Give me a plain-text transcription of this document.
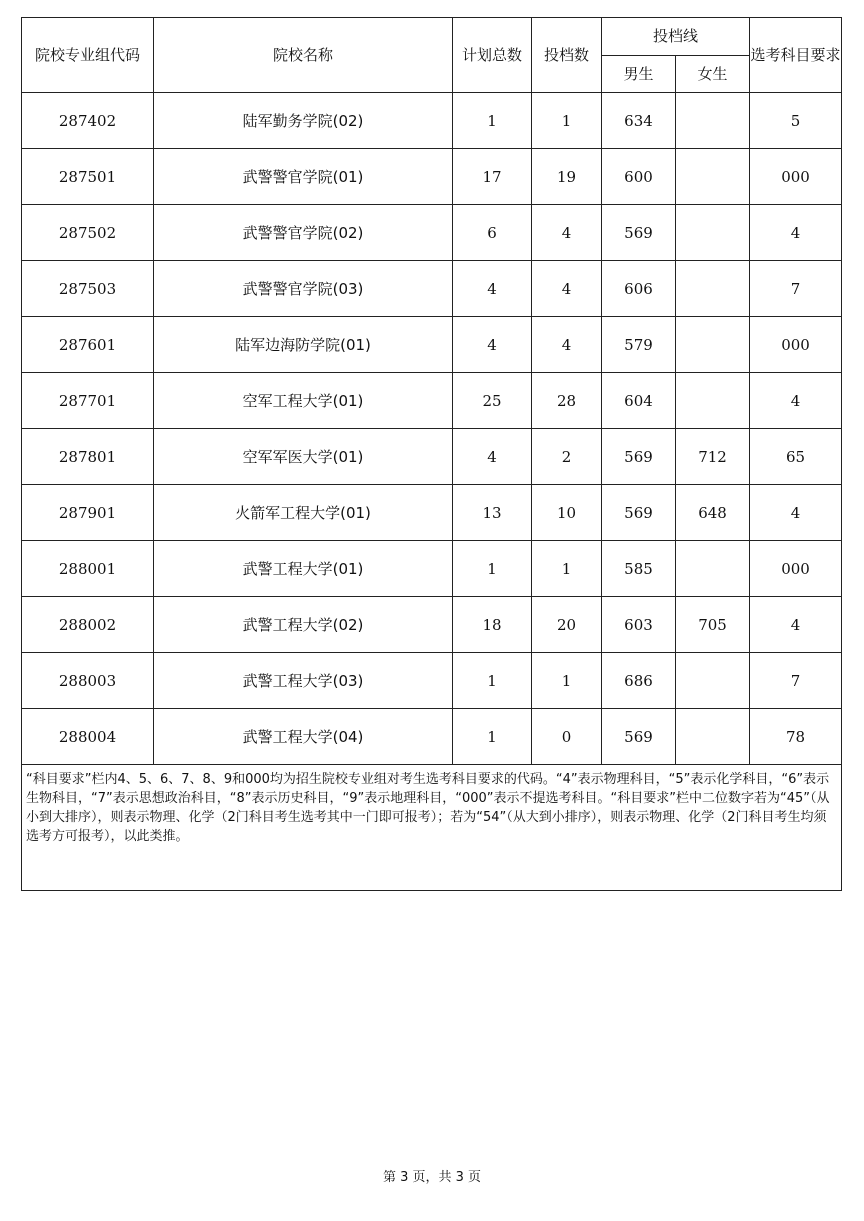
院校专业组代码	院校名称	计划总数	投档数	投档线		选考科目要求
				男生	女生	
287402	陆军勤务学院(02)	1	1	634		5
287501	武警警官学院(01)	17	19	600		000
287502	武警警官学院(02)	6	4	569		4
287503	武警警官学院(03)	4	4	606		7
287601	陆军边海防学院(01)	4	4	579		000
287701	空军工程大学(01)	25	28	604		4
287801	空军军医大学(01)	4	2	569	712	65
287901	火箭军工程大学(01)	13	10	569	648	4
288001	武警工程大学(01)	1	1	585		000
288002	武警工程大学(02)	18	20	603	705	4
288003	武警工程大学(03)	1	1	686		7
288004	武警工程大学(04)	1	0	569		78
“科目要求”栏内4、5、6、7、8、9和000均为招生院校专业组对考生选考科目要求的代码。“4”表示物理科目，“5”表示化学科目，“6”表示生物科目，“7”表示思想政治科目，“8”表示历史科目，“9”表示地理科目，“000”表示不提选考科目。“科目要求”栏中二位数字若为“45”（从小到大排序），则表示物理、化学（2门科目考生选考其中一门即可报考）；若为“54”（从大到小排序），则表示物理、化学（2门科目考生均须选考方可报考），以此类推。						
第 3 页，共 3 页
